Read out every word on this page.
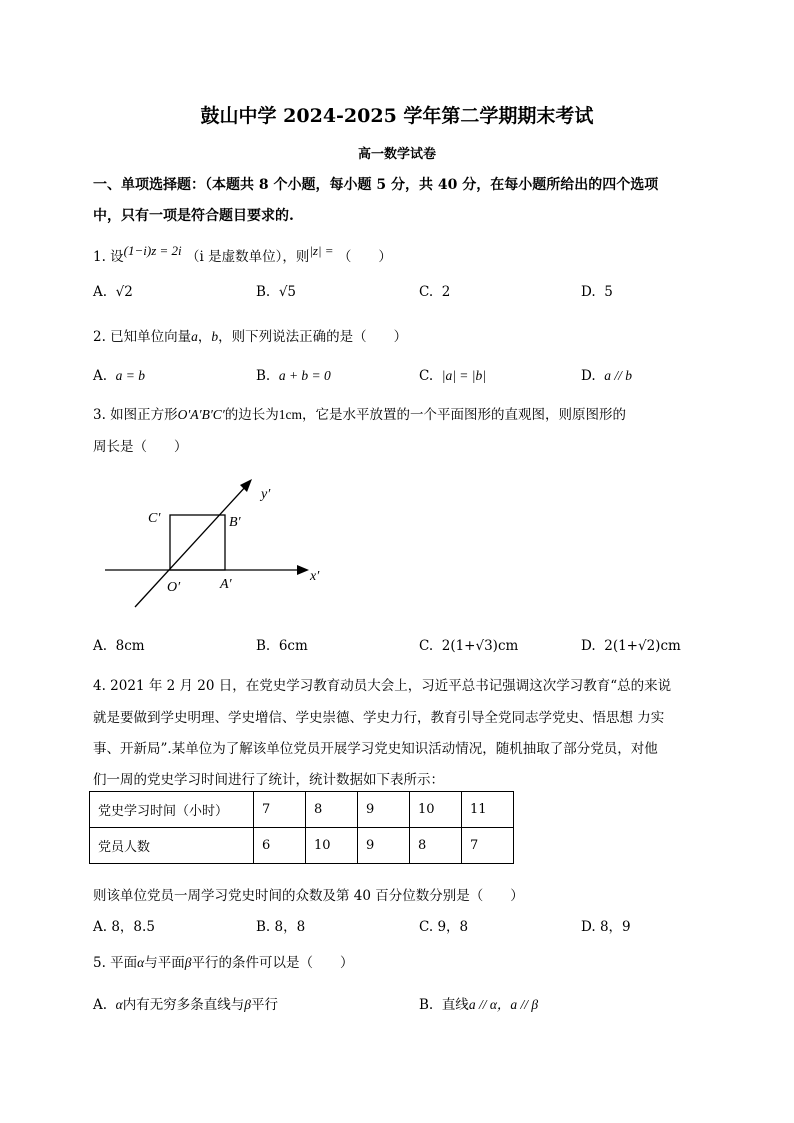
鼓山中学 2024-2025 学年第二学期期末考试
高一数学试卷
一、单项选择题：（本题共 8 个小题，每小题 5 分，共 40 分，在每小题所给出的四个选项
中，只有一项是符合题目要求的.
1. 设(1−i)z = 2i （i 是虚数单位），则|z| = （　　）
A. √2	B. √5	C. 2	D. 5
2. 已知单位向量a，b，则下列说法正确的是（　　）
A. a = b	B. a + b = 0	C. |a| = |b|	D. a // b
3. 如图正方形O′A′B′C′的边长为1cm，它是水平放置的一个平面图形的直观图，则原图形的
周长是（　　）
y′
C′	B′
O′	A′
x′
A. 8cm	B. 6cm	C. 2(1+√3)cm	D. 2(1+√2)cm
4. 2021 年 2 月 20 日，在党史学习教育动员大会上，习近平总书记强调这次学习教育“总的来说
就是要做到学史明理、学史增信、学史崇德、学史力行，教育引导全党同志学党史、悟思想 力实
事、开新局”.某单位为了解该单位党员开展学习党史知识活动情况，随机抽取了部分党员，对他
们一周的党史学习时间进行了统计，统计数据如下表所示：
党史学习时间（小时）	7	8	9	10	11
党员人数	6	10	9	8	7
则该单位党员一周学习党史时间的众数及第 40 百分位数分别是（　　）
A. 8，8.5	B. 8，8	C. 9，8	D. 8，9
5. 平面α与平面β平行的条件可以是（　　）
A. α内有无穷多条直线与β平行	B. 直线a // α，a // β
